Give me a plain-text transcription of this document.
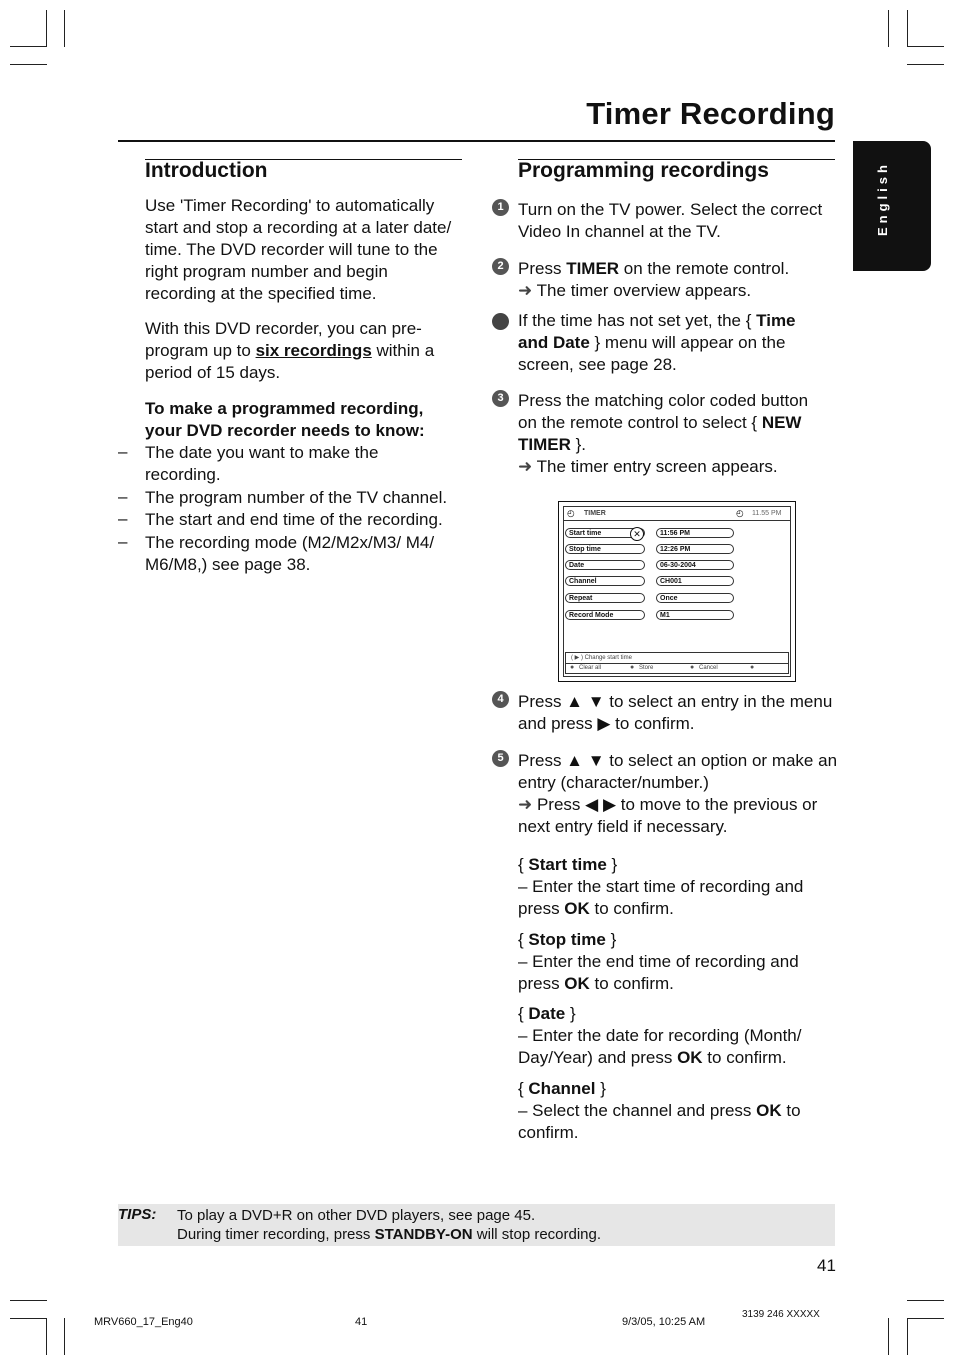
Timer Recording
English
Introduction
Use 'Timer Recording' to automatically
start and stop a recording at a later date/
time. The DVD recorder will tune to the
right program number and begin
recording at the specified time.
With this DVD recorder, you can pre-
program up to six recordings within a
period of 15 days.
To make a programmed recording,
your DVD recorder needs to know:
– The date you want to make the
recording.
– The program number of the TV channel.
– The start and end time of the recording.
– The recording mode (M2/M2x/M3/ M4/
M6/M8,) see page 38.
Programming recordings
1 Turn on the TV power. Select the correct
Video In channel at the TV.
2 Press TIMER on the remote control.
➜ The timer overview appears.
If the time has not set yet, the { Time
and Date } menu will appear on the
screen, see page 28.
3 Press the matching color coded button
on the remote control to select { NEW
TIMER }.
➜ The timer entry screen appears.
◴ TIMER	◴ 11.55 PM
Start time	✕	11:56 PM
Stop time	12:26 PM
Date	06-30-2004
Channel	CH001
Repeat	Once
Record Mode	M1
( ▶ ) Change start time
● Clear all	● Store	● Cancel	●
4 Press ▲ ▼ to select an entry in the menu
and press ▶ to confirm.
5 Press ▲ ▼ to select an option or make an
entry (character/number.)
➜ Press ◀ ▶ to move to the previous or
next entry field if necessary.
{ Start time }
– Enter the start time of recording and
press OK to confirm.
{ Stop time }
– Enter the end time of recording and
press OK to confirm.
{ Date }
– Enter the date for recording (Month/
Day/Year) and press OK to confirm.
{ Channel }
– Select the channel and press OK to
confirm.
TIPS: To play a DVD+R on other DVD players, see page 45.
During timer recording, press STANDBY-ON will stop recording.
41
MRV660_17_Eng40	41	9/3/05, 10:25 AM
3139 246 XXXXX
